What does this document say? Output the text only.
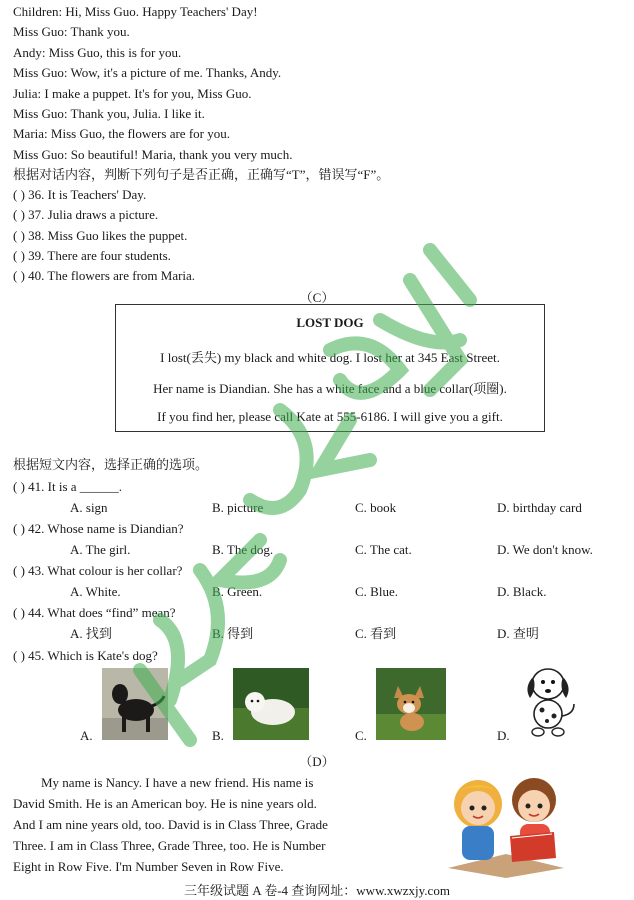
Children: Hi, Miss Guo. Happy Teachers' Day!
Miss Guo: Thank you.
Andy: Miss Guo, this is for you.
Miss Guo: Wow, it's a picture of me. Thanks, Andy.
Julia: I make a puppet. It's for you, Miss Guo.
Miss Guo: Thank you, Julia. I like it.
Maria: Miss Guo, the flowers are for you.
Miss Guo: So beautiful! Maria, thank you very much.
根据对话内容，判断下列句子是否正确，正确写“T”，错误写“F”。
( ) 36. It is Teachers' Day.
( ) 37. Julia draws a picture.
( ) 38. Miss Guo likes the puppet.
( ) 39. There are four students.
( ) 40. The flowers are from Maria.
（C）
LOST DOG
I lost(丢失) my black and white dog. I lost her at 345 East Street.
Her name is Diandian. She has a white face and a blue collar(项圈).
If you find her, please call Kate at 555-6186. I will give you a gift.
根据短文内容，选择正确的选项。
( ) 41. It is a ______.
A. sign	B. picture	C. book	D. birthday card
( ) 42. Whose name is Diandian?
A. The girl.	B. The dog.	C. The cat.	D. We don't know.
( ) 43. What colour is her collar?
A. White.	B. Green.	C. Blue.	D. Black.
( ) 44. What does “find” mean?
A. 找到	B. 得到	C. 看到	D. 查明
( ) 45. Which is Kate's dog?
A.	B.	C.	D.
（D）
My name is Nancy. I have a new friend. His name is
David Smith. He is an American boy. He is nine years old.
And I am nine years old, too. David is in Class Three, Grade
Three. I am in Class Three, Grade Three, too. He is Number
Eight in Row Five. I'm Number Seven in Row Five.
三年级试题 A 卷-4 查询网址：www.xwzxjy.com
